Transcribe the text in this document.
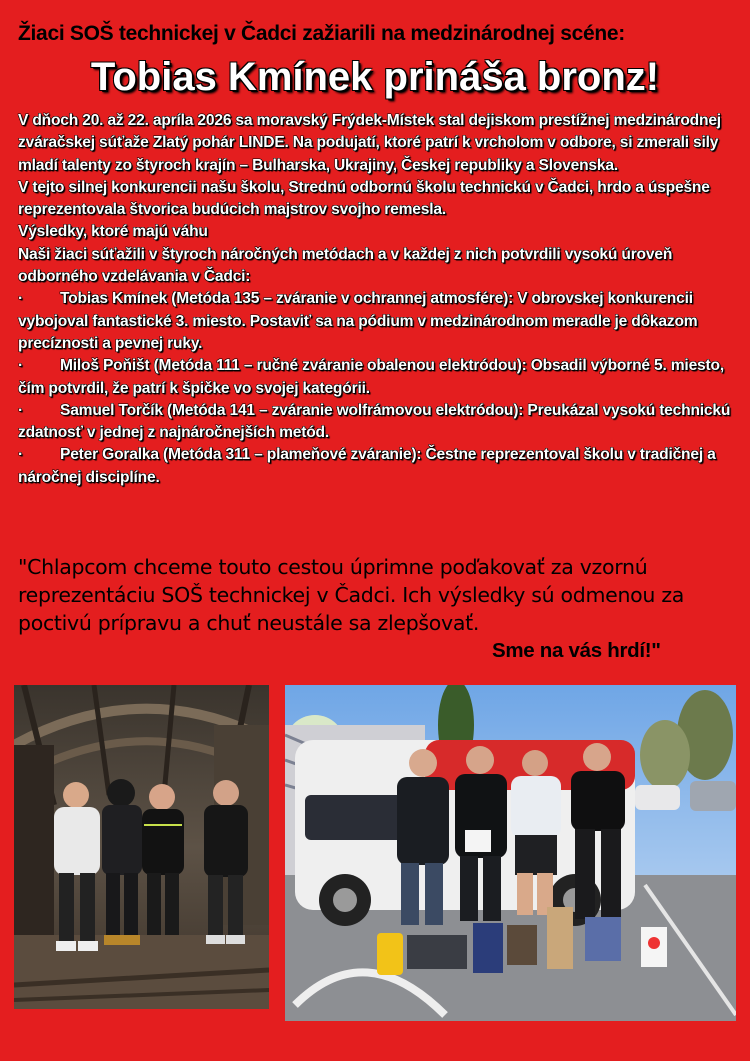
Žiaci SOŠ technickej v Čadci zažiarili na medzinárodnej scéne:
Tobias Kmínek prináša bronz!

V dňoch 20. až 22. apríla 2026 sa moravský Frýdek-Místek stal dejiskom prestížnej medzinárodnej zváračskej súťaže Zlatý pohár LINDE. Na podujatí, ktoré patrí k vrcholom v odbore, si zmerali sily mladí talenty zo štyroch krajín – Bulharska, Ukrajiny, Českej republiky a Slovenska.

V tejto silnej konkurencii našu školu, Strednú odbornú školu technickú v Čadci, hrdo a úspešne reprezentovala štvorica budúcich majstrov svojho remesla.

Výsledky, ktoré majú váhu

Naši žiaci súťažili v štyroch náročných metódach a v každej z nich potvrdili vysokú úroveň odborného vzdelávania v Čadci:

· Tobias Kmínek (Metóda 135 – zváranie v ochrannej atmosfére): V obrovskej konkurencii vybojoval fantastické 3. miesto. Postaviť sa na pódium v medzinárodnom meradle je dôkazom precíznosti a pevnej ruky.
· Miloš Poňišt (Metóda 111 – ručné zváranie obalenou elektródou): Obsadil výborné 5. miesto, čím potvrdil, že patrí k špičke vo svojej kategórii.
· Samuel Torčík (Metóda 141 – zváranie wolfrámovou elektródou): Preukázal vysokú technickú zdatnosť v jednej z najnáročnejších metód.
· Peter Goralka (Metóda 311 – plameňové zváranie): Čestne reprezentoval školu v tradičnej a náročnej disciplíne.

"Chlapcom chceme touto cestou úprimne poďakovať za vzornú reprezentáciu SOŠ technickej v Čadci. Ich výsledky sú odmenou za poctivú prípravu a chuť neustále sa zlepšovať.

Sme na vás hrdí!"
